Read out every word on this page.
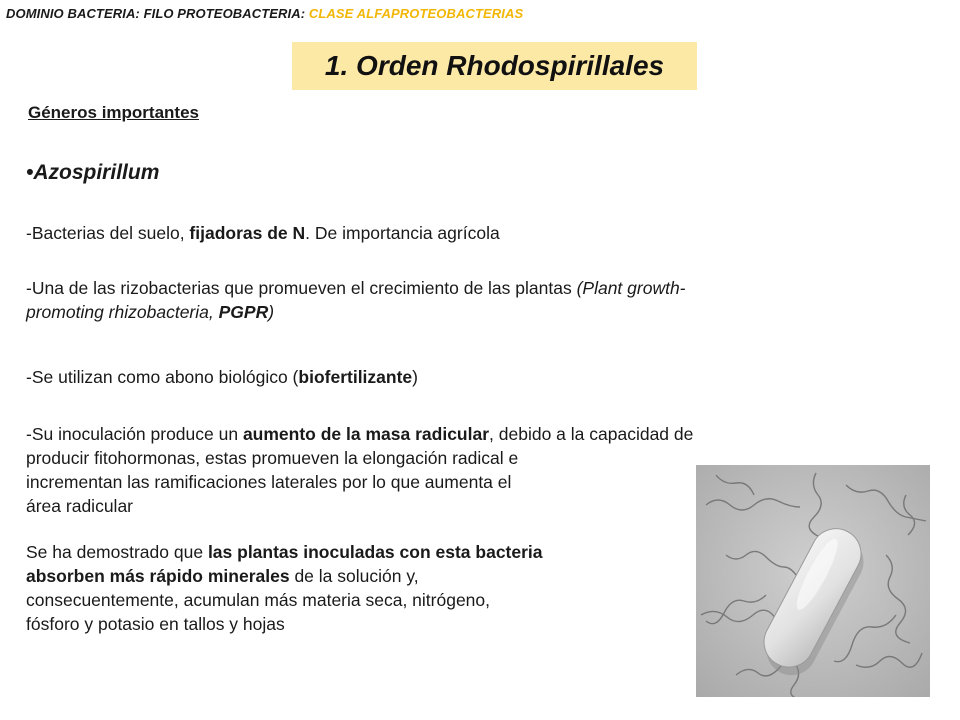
DOMINIO BACTERIA: FILO PROTEOBACTERIA: CLASE ALFAPROTEOBACTERIAS
1. Orden Rhodospirillales
Géneros importantes
•Azospirillum
-Bacterias del suelo, fijadoras de N. De importancia agrícola
-Una de las rizobacterias que promueven el crecimiento de las plantas (Plant growth-
promoting rhizobacteria, PGPR)
-Se utilizan como abono biológico (biofertilizante)
-Su inoculación produce un aumento de la masa radicular, debido a la capacidad de
producir fitohormonas, estas promueven la elongación radical e
incrementan las ramificaciones laterales por lo que aumenta el
área radicular
Se ha demostrado que las plantas inoculadas con esta bacteria
absorben más rápido minerales de la solución y,
consecuentemente, acumulan más materia seca, nitrógeno,
fósforo y potasio en tallos y hojas
